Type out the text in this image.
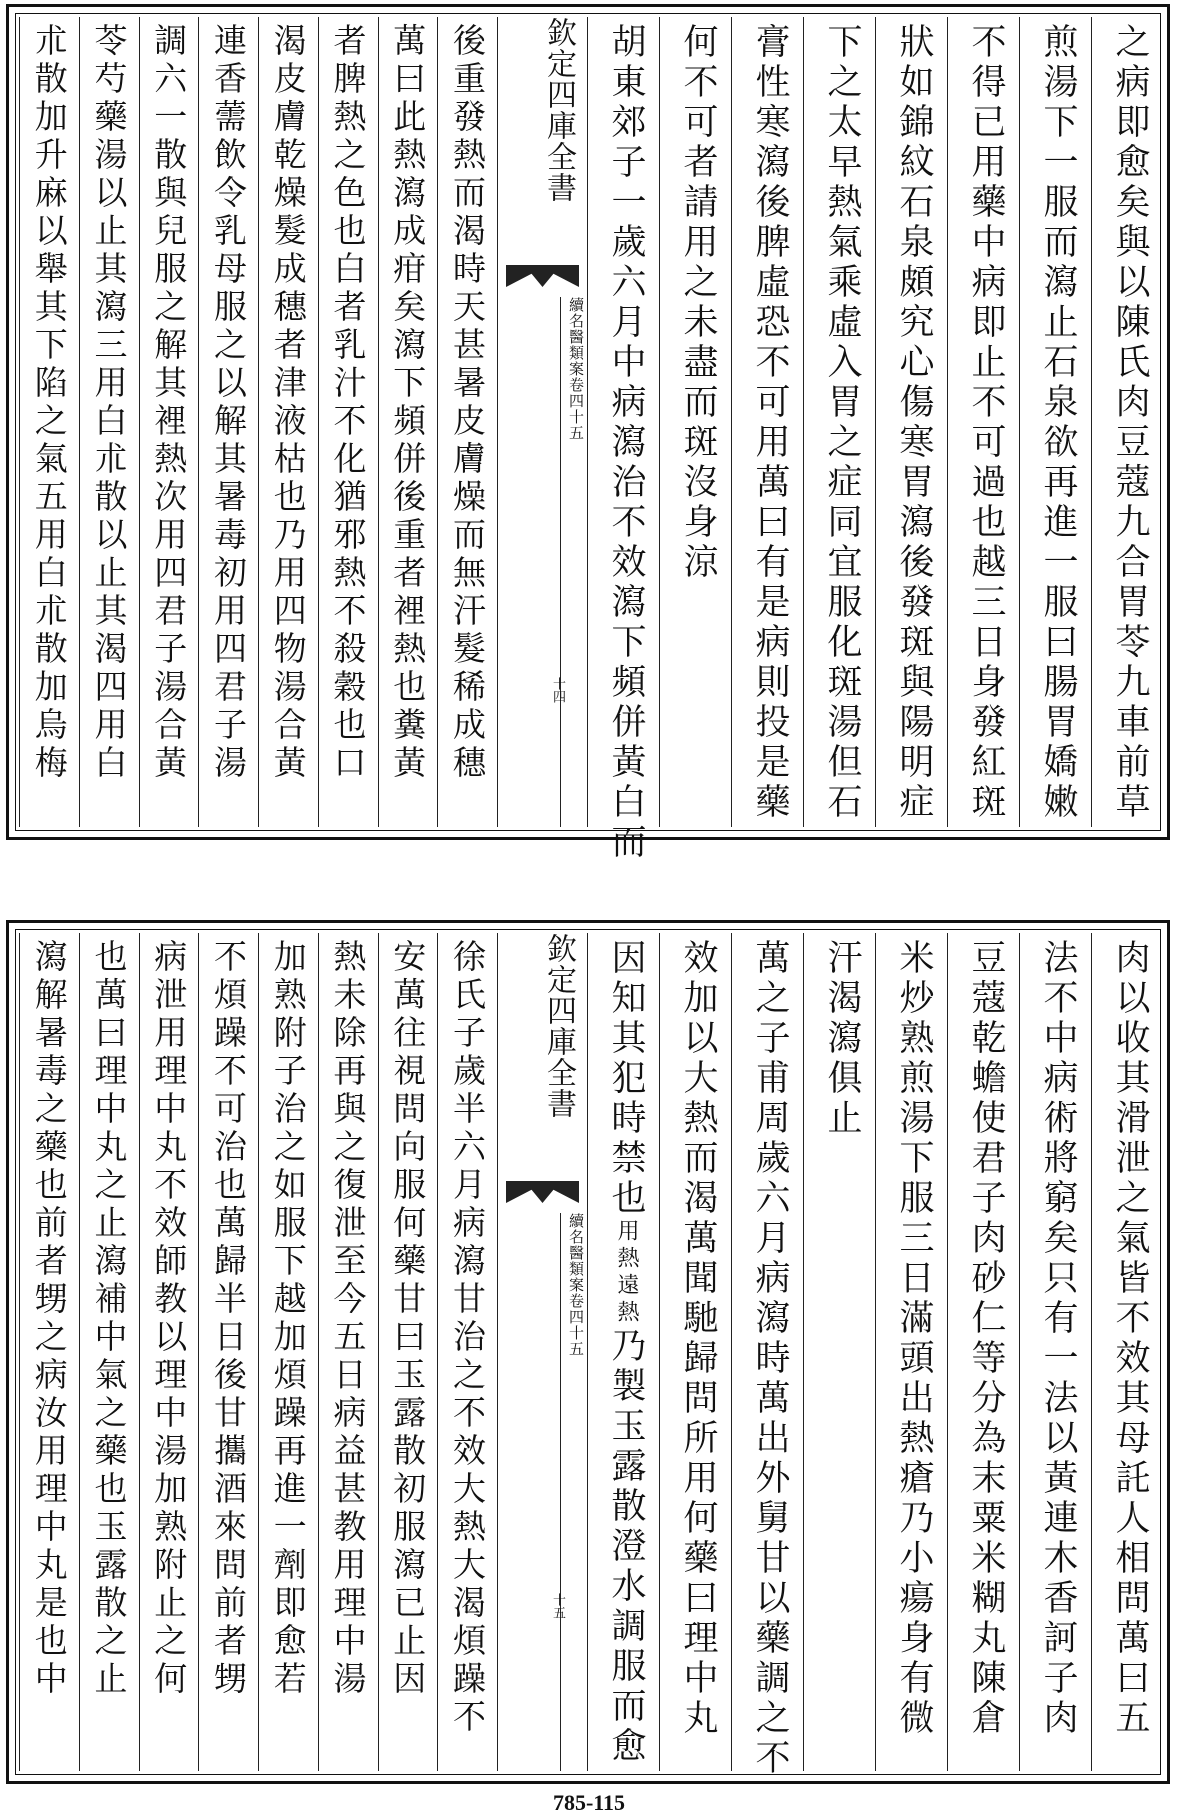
之病即愈矣與以陳氏肉豆蔻九合胃苓九車前草
煎湯下一服而瀉止石泉欲再進一服曰腸胃嬌嫩
不得已用藥中病即止不可過也越三日身發紅斑
狀如錦紋石泉頗究心傷寒胃瀉後發斑與陽明症
下之太早熱氣乘虛入胃之症同宜服化斑湯但石
膏性寒瀉後脾虛恐不可用萬曰有是病則投是藥
何不可者請用之未盡而斑沒身涼
胡東郊子一歲六月中病瀉治不效瀉下頻併黃白而
欽定四庫全書
續名醫類案
卷四十五
十四
後重發熱而渴時天甚暑皮膚燥而無汗髮稀成穗
萬曰此熱瀉成疳矣瀉下頻併後重者裡熱也糞黃
者脾熱之色也白者乳汁不化猶邪熱不殺穀也口
渴皮膚乾燥髮成穗者津液枯也乃用四物湯合黃
連香薷飲令乳母服之以解其暑毒初用四君子湯
調六一散與兒服之解其裡熱次用四君子湯合黃
苓芍藥湯以止其瀉三用白朮散以止其渴四用白
朮散加升麻以舉其下陷之氣五用白朮散加烏梅
肉以收其滑泄之氣皆不效其母託人相問萬曰五
法不中病術將窮矣只有一法以黃連木香訶子肉
豆蔻乾蟾使君子肉砂仁等分為末粟米糊丸陳倉
米炒熟煎湯下服三日滿頭出熱瘡乃小瘍身有微
汗渴瀉俱止
萬之子甫周歲六月病瀉時萬出外舅甘以藥調之不
效加以大熱而渴萬聞馳歸問所用何藥曰理中丸
因知其犯時禁也用熱遠熱乃製玉露散澄水調服而愈
欽定四庫全書
續名醫類案
卷四十五
十五
徐氏子歲半六月病瀉甘治之不效大熱大渴煩躁不
安萬往視問向服何藥甘曰玉露散初服瀉已止因
熱未除再與之復泄至今五日病益甚教用理中湯
加熟附子治之如服下越加煩躁再進一劑即愈若
不煩躁不可治也萬歸半日後甘攜酒來問前者甥
病泄用理中丸不效師教以理中湯加熟附止之何
也萬曰理中丸之止瀉補中氣之藥也玉露散之止
瀉解暑毒之藥也前者甥之病汝用理中丸是也中
785-115
